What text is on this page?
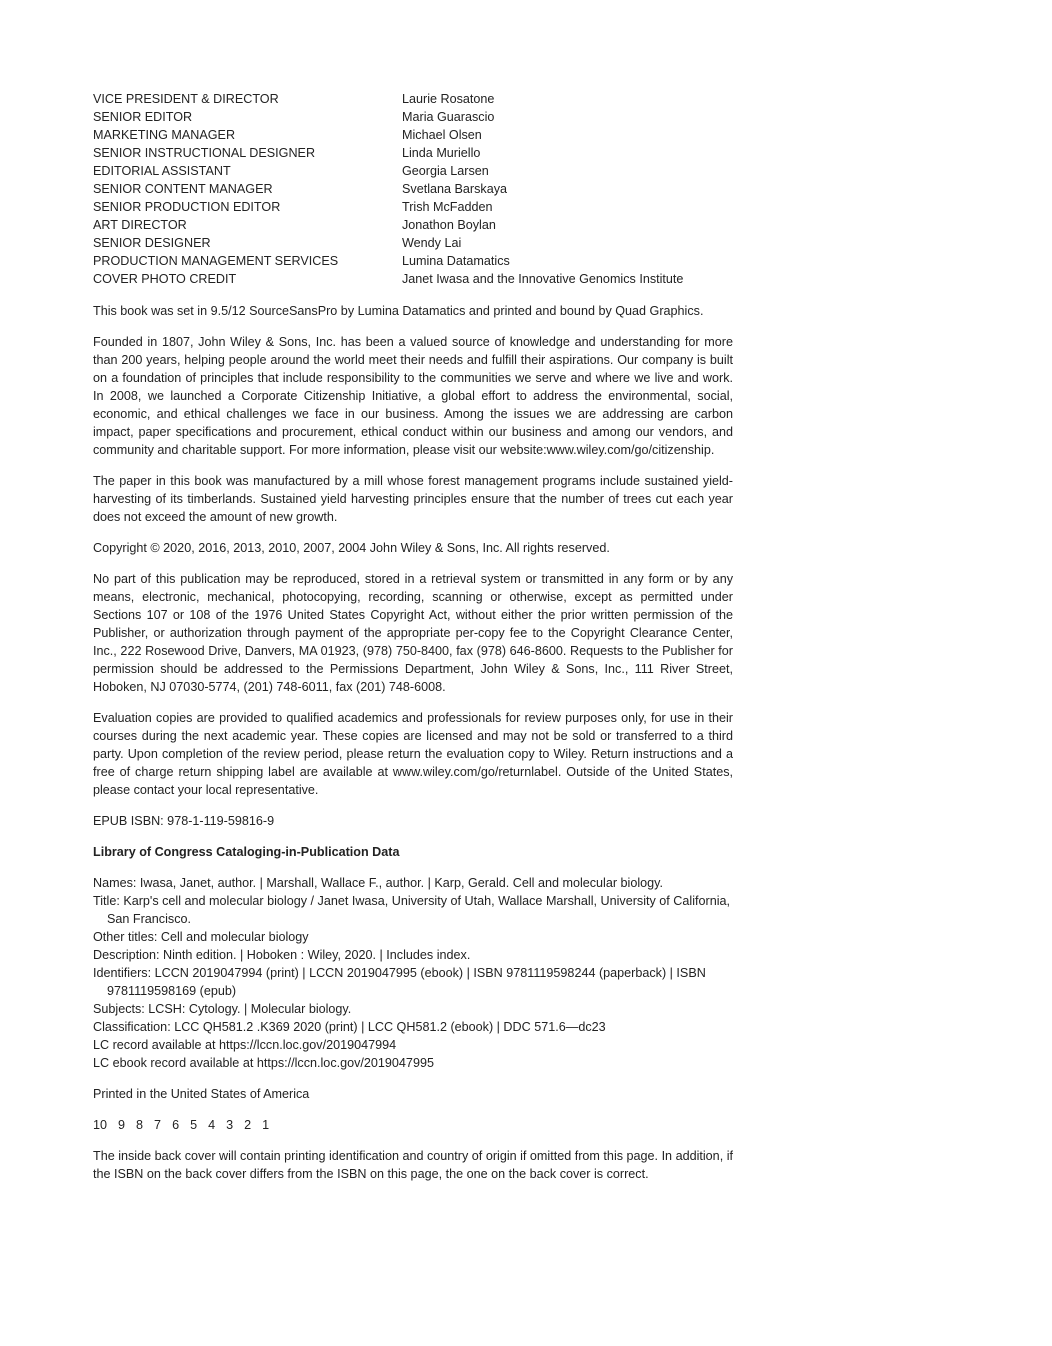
VICE PRESIDENT & DIRECTOR	Laurie Rosatone
SENIOR EDITOR	Maria Guarascio
MARKETING MANAGER	Michael Olsen
SENIOR INSTRUCTIONAL DESIGNER	Linda Muriello
EDITORIAL ASSISTANT	Georgia Larsen
SENIOR CONTENT MANAGER	Svetlana Barskaya
SENIOR PRODUCTION EDITOR	Trish McFadden
ART DIRECTOR	Jonathon Boylan
SENIOR DESIGNER	Wendy Lai
PRODUCTION MANAGEMENT SERVICES	Lumina Datamatics
COVER PHOTO CREDIT	Janet Iwasa and the Innovative Genomics Institute

This book was set in 9.5/12 SourceSansPro by Lumina Datamatics and printed and bound by Quad Graphics.

Founded in 1807, John Wiley & Sons, Inc. has been a valued source of knowledge and understanding for more than 200 years, helping people around the world meet their needs and fulfill their aspirations. Our company is built on a foundation of principles that include responsibility to the communities we serve and where we live and work. In 2008, we launched a Corporate Citizenship Initiative, a global effort to address the environmental, social, economic, and ethical challenges we face in our business. Among the issues we are addressing are carbon impact, paper specifications and procurement, ethical conduct within our business and among our vendors, and community and charitable support. For more information, please visit our website:www.wiley.com/go/citizenship.

The paper in this book was manufactured by a mill whose forest management programs include sustained yield-harvesting of its timberlands. Sustained yield harvesting principles ensure that the number of trees cut each year does not exceed the amount of new growth.

Copyright © 2020, 2016, 2013, 2010, 2007, 2004 John Wiley & Sons, Inc. All rights reserved.

No part of this publication may be reproduced, stored in a retrieval system or transmitted in any form or by any means, electronic, mechanical, photocopying, recording, scanning or otherwise, except as permitted under Sections 107 or 108 of the 1976 United States Copyright Act, without either the prior written permission of the Publisher, or authorization through payment of the appropriate per-copy fee to the Copyright Clearance Center, Inc., 222 Rosewood Drive, Danvers, MA 01923, (978) 750-8400, fax (978) 646-8600. Requests to the Publisher for permission should be addressed to the Permissions Department, John Wiley & Sons, Inc., 111 River Street, Hoboken, NJ 07030-5774, (201) 748-6011, fax (201) 748-6008.

Evaluation copies are provided to qualified academics and professionals for review purposes only, for use in their courses during the next academic year. These copies are licensed and may not be sold or transferred to a third party. Upon completion of the review period, please return the evaluation copy to Wiley. Return instructions and a free of charge return shipping label are available at www.wiley.com/go/returnlabel. Outside of the United States, please contact your local representative.

EPUB ISBN: 978-1-119-59816-9

Library of Congress Cataloging-in-Publication Data
Names: Iwasa, Janet, author. | Marshall, Wallace F., author. | Karp, Gerald. Cell and molecular biology.
Title: Karp's cell and molecular biology / Janet Iwasa, University of Utah, Wallace Marshall, University of California, San Francisco.
Other titles: Cell and molecular biology
Description: Ninth edition. | Hoboken : Wiley, 2020. | Includes index.
Identifiers: LCCN 2019047994 (print) | LCCN 2019047995 (ebook) | ISBN 9781119598244 (paperback) | ISBN 9781119598169 (epub)
Subjects: LCSH: Cytology. | Molecular biology.
Classification: LCC QH581.2 .K369 2020 (print) | LCC QH581.2 (ebook) | DDC 571.6—dc23
LC record available at https://lccn.loc.gov/2019047994
LC ebook record available at https://lccn.loc.gov/2019047995

Printed in the United States of America

10 9 8 7 6 5 4 3 2 1

The inside back cover will contain printing identification and country of origin if omitted from this page. In addition, if the ISBN on the back cover differs from the ISBN on this page, the one on the back cover is correct.
